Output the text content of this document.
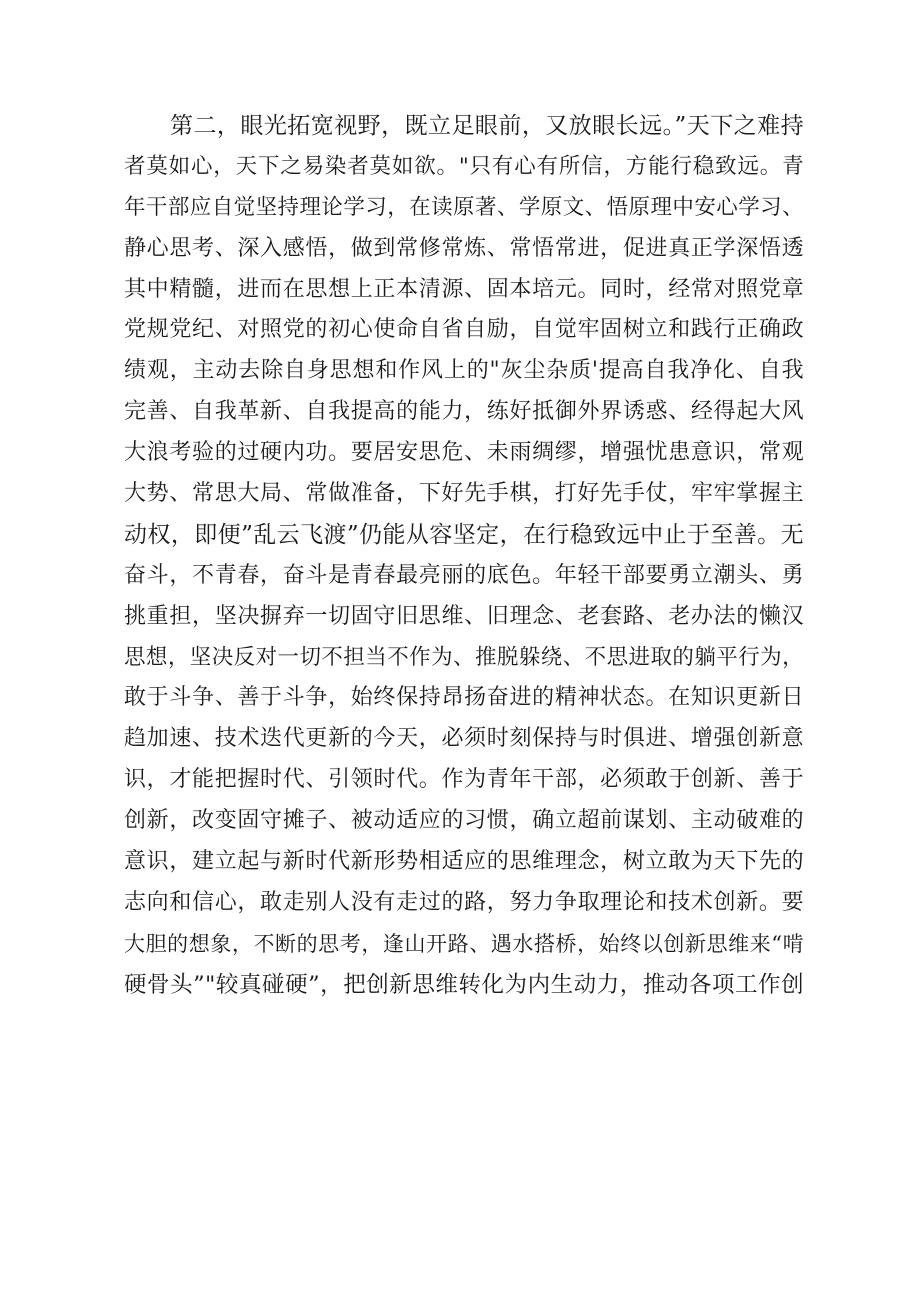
第二，眼光拓宽视野，既立足眼前，又放眼长远。”天下之难持
者莫如心，天下之易染者莫如欲。"只有心有所信，方能行稳致远。青
年干部应自觉坚持理论学习，在读原著、学原文、悟原理中安心学习、
静心思考、深入感悟，做到常修常炼、常悟常进，促进真正学深悟透
其中精髓，进而在思想上正本清源、固本培元。同时，经常对照党章
党规党纪、对照党的初心使命自省自励，自觉牢固树立和践行正确政
绩观，主动去除自身思想和作风上的"灰尘杂质'提高自我净化、自我
完善、自我革新、自我提高的能力，练好抵御外界诱惑、经得起大风
大浪考验的过硬内功。要居安思危、未雨绸缪，增强忧患意识，常观
大势、常思大局、常做准备，下好先手棋，打好先手仗，牢牢掌握主
动权，即便”乱云飞渡”仍能从容坚定，在行稳致远中止于至善。无
奋斗，不青春，奋斗是青春最亮丽的底色。年轻干部要勇立潮头、勇
挑重担，坚决摒弃一切固守旧思维、旧理念、老套路、老办法的懒汉
思想，坚决反对一切不担当不作为、推脱躲绕、不思进取的躺平行为，
敢于斗争、善于斗争，始终保持昂扬奋进的精神状态。在知识更新日
趋加速、技术迭代更新的今天，必须时刻保持与时俱进、增强创新意
识，才能把握时代、引领时代。作为青年干部，必须敢于创新、善于
创新，改变固守摊子、被动适应的习惯，确立超前谋划、主动破难的
意识，建立起与新时代新形势相适应的思维理念，树立敢为天下先的
志向和信心，敢走别人没有走过的路，努力争取理论和技术创新。要
大胆的想象，不断的思考，逢山开路、遇水搭桥，始终以创新思维来“啃
硬骨头”"较真碰硬”，把创新思维转化为内生动力，推动各项工作创
